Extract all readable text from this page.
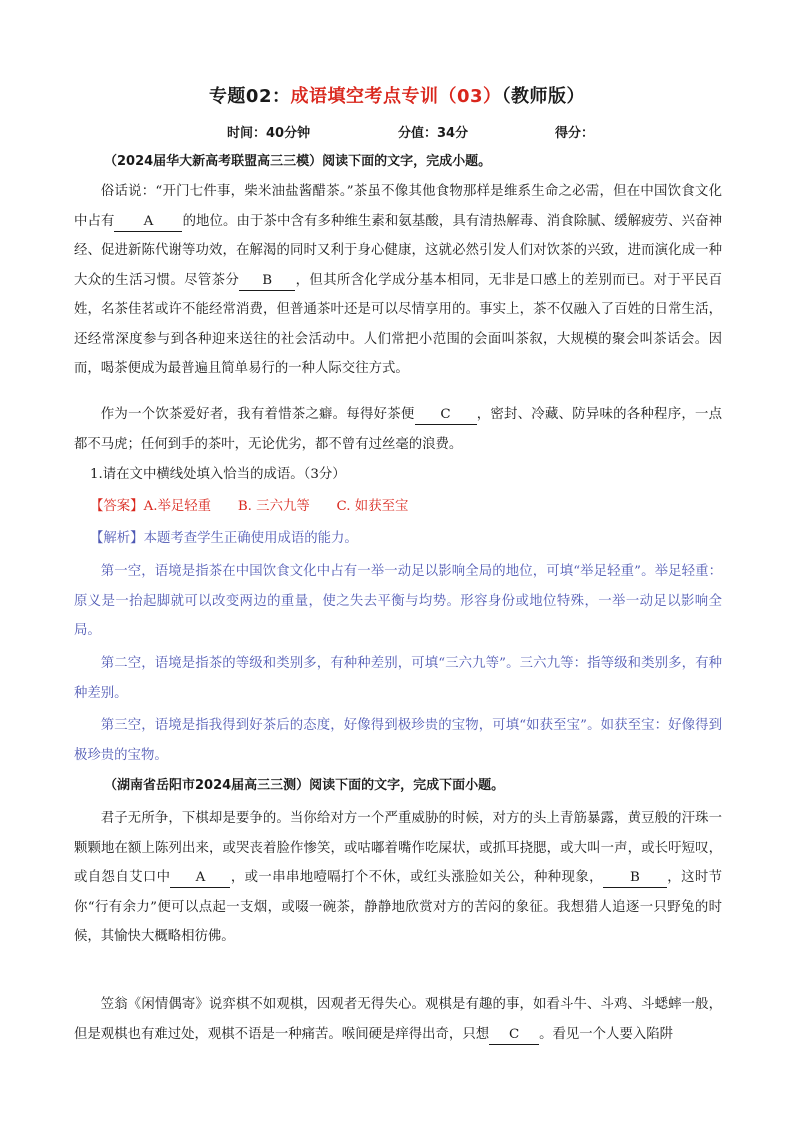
专题02：成语填空考点专训（03）（教师版）
时间：40分钟	分值：34分	得分：
（2024届华大新高考联盟高三三模）阅读下面的文字，完成小题。
俗话说：“开门七件事，柴米油盐酱醋茶。”茶虽不像其他食物那样是维系生命之必需，但在中国饮食文化中占有 A 的地位。由于茶中含有多种维生素和氨基酸，具有清热解毒、消食除腻、缓解疲劳、兴奋神经、促进新陈代谢等功效，在解渴的同时又利于身心健康，这就必然引发人们对饮茶的兴致，进而演化成一种大众的生活习惯。尽管茶分 B ，但其所含化学成分基本相同，无非是口感上的差别而已。对于平民百姓，名茶佳茗或许不能经常消费，但普通茶叶还是可以尽情享用的。事实上，茶不仅融入了百姓的日常生活，还经常深度参与到各种迎来送往的社会活动中。人们常把小范围的会面叫茶叙，大规模的聚会叫茶话会。因而，喝茶便成为最普遍且简单易行的一种人际交往方式。
作为一个饮茶爱好者，我有着惜茶之癖。每得好茶便 C ，密封、冷藏、防异味的各种程序，一点都不马虎；任何到手的茶叶，无论优劣，都不曾有过丝毫的浪费。
1.请在文中横线处填入恰当的成语。（3分）
【答案】A.举足轻重　　B. 三六九等　　C. 如获至宝
【解析】本题考查学生正确使用成语的能力。
第一空，语境是指茶在中国饮食文化中占有一举一动足以影响全局的地位，可填“举足轻重”。举足轻重：原义是一抬起脚就可以改变两边的重量，使之失去平衡与均势。形容身份或地位特殊，一举一动足以影响全局。
第二空，语境是指茶的等级和类别多，有种种差别，可填“三六九等”。三六九等：指等级和类别多，有种种差别。
第三空，语境是指我得到好茶后的态度，好像得到极珍贵的宝物，可填“如获至宝”。如获至宝：好像得到极珍贵的宝物。
（湖南省岳阳市2024届高三三测）阅读下面的文字，完成下面小题。
君子无所争，下棋却是要争的。当你给对方一个严重威胁的时候，对方的头上青筋暴露，黄豆般的汗珠一颗颗地在额上陈列出来，或哭丧着脸作惨笑，或咕嘟着嘴作吃屎状，或抓耳挠腮，或大叫一声，或长吁短叹，或自怨自艾口中 A ，或一串串地噎嗝打个不休，或红头涨脸如关公，种种现象， B ，这时节你“行有余力”便可以点起一支烟，或啜一碗茶，静静地欣赏对方的苦闷的象征。我想猎人追逐一只野兔的时候，其愉快大概略相彷佛。
笠翁《闲情偶寄》说弈棋不如观棋，因观者无得失心。观棋是有趣的事，如看斗牛、斗鸡、斗蟋蟀一般，但是观棋也有难过处，观棋不语是一种痛苦。喉间硬是痒得出奇，只想 C 。看见一个人要入陷阱
